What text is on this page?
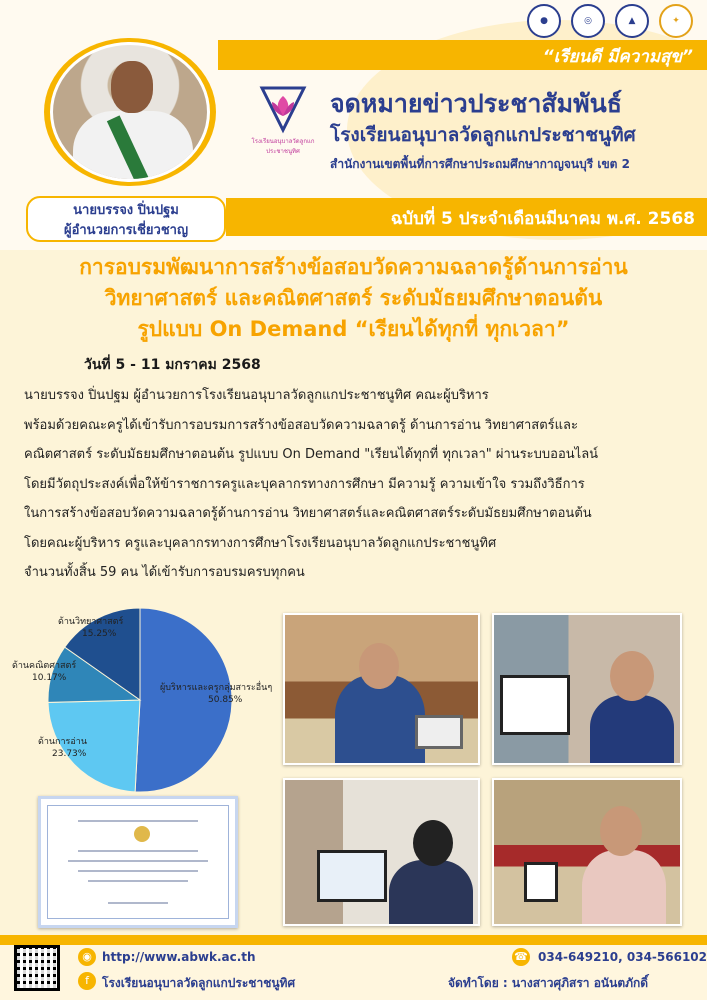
●	◎	▲	✦
“เรียนดี มีความสุข”
นายบรรจง ปิ่นปฐม
ผู้อำนวยการเชี่ยวชาญ
โรงเรียนอนุบาลวัดลูกแกประชาชนูทิศ
จดหมายข่าวประชาสัมพันธ์
โรงเรียนอนุบาลวัดลูกแกประชาชนูทิศ
สำนักงานเขตพื้นที่การศึกษาประถมศึกษากาญจนบุรี เขต 2
ฉบับที่ 5 ประจำเดือนมีนาคม พ.ศ. 2568
การอบรมพัฒนาการสร้างข้อสอบวัดความฉลาดรู้ด้านการอ่าน
วิทยาศาสตร์ และคณิตศาสตร์ ระดับมัธยมศึกษาตอนต้น
รูปแบบ On Demand “เรียนได้ทุกที่ ทุกเวลา”
วันที่ 5 - 11 มกราคม 2568

นายบรรจง ปิ่นปฐม ผู้อำนวยการโรงเรียนอนุบาลวัดลูกแกประชาชนูทิศ คณะผู้บริหาร

พร้อมด้วยคณะครูได้เข้ารับการอบรมการสร้างข้อสอบวัดความฉลาดรู้ ด้านการอ่าน วิทยาศาสตร์และ

คณิตศาสตร์ ระดับมัธยมศึกษาตอนต้น รูปแบบ On Demand "เรียนได้ทุกที่ ทุกเวลา" ผ่านระบบออนไลน์

โดยมีวัตถุประสงค์เพื่อให้ข้าราชการครูและบุคลากรทางการศึกษา มีความรู้ ความเข้าใจ รวมถึงวิธีการ

ในการสร้างข้อสอบวัดความฉลาดรู้ด้านการอ่าน วิทยาศาสตร์และคณิตศาสตร์ระดับมัธยมศึกษาตอนต้น

โดยคณะผู้บริหาร ครูและบุคลากรทางการศึกษาโรงเรียนอนุบาลวัดลูกแกประชาชนูทิศ

จำนวนทั้งสิ้น 59 คน ได้เข้ารับการอบรมครบทุกคน

ด้านวิทยาศาสตร์
15.25%
ด้านคณิตศาสตร์
10.17%
ผู้บริหารและครูกลุ่มสาระอื่นๆ
50.85%
ด้านการอ่าน
23.73%
◉ http://www.abwk.ac.th
f	โรงเรียนอนุบาลวัดลูกแกประชาชนูทิศ
☎ 034-649210, 034-566102
จัดทำโดย : นางสาวศุภิสรา อนันตภักดิ์
